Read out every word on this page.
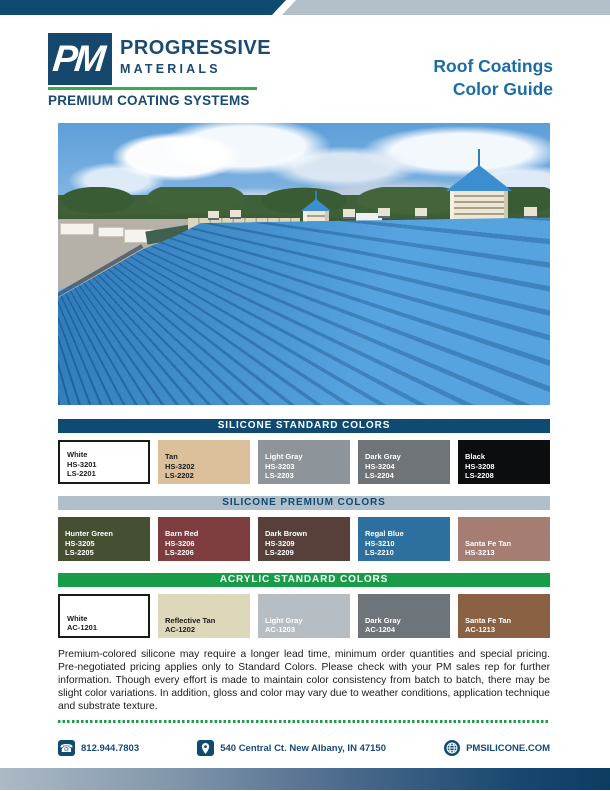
PM PROGRESSIVE
MATERIALS
PREMIUM COATING SYSTEMS
Roof Coatings
Color Guide
SILICONE STANDARD COLORS
White
HS-3201
LS-2201
Tan
HS-3202
LS-2202
Light Gray
HS-3203
LS-2203
Dark Gray
HS-3204
LS-2204
Black
HS-3208
LS-2208
SILICONE PREMIUM COLORS
Hunter Green
HS-3205
LS-2205
Barn Red
HS-3206
LS-2206
Dark Brown
HS-3209
LS-2209
Regal Blue
HS-3210
LS-2210
Santa Fe Tan
HS-3213
ACRYLIC STANDARD COLORS
White
AC-1201
Reflective Tan
AC-1202
Light Gray
AC-1203
Dark Gray
AC-1204
Santa Fe Tan
AC-1213

Premium-colored silicone may require a longer lead time, minimum order quantities and special pricing. Pre-negotiated pricing applies only to Standard Colors. Please check with your PM sales rep for further information. Though every effort is made to maintain color consistency from batch to batch, there may be slight color variations. In addition, gloss and color may vary due to weather conditions, application technique and substrate texture.

☎ 812.944.7803	540 Central Ct. New Albany, IN 47150	PMSILICONE.COM
